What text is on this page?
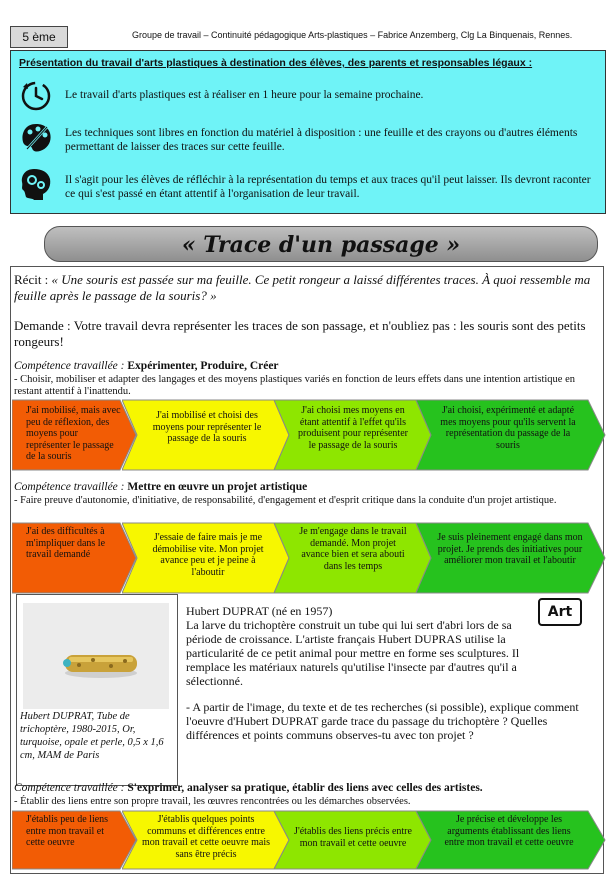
5 ème	Groupe de travail – Continuité pédagogique Arts-plastiques – Fabrice Anzemberg, Clg La Binquenais, Rennes.
Présentation du travail d'arts plastiques à destination des élèves, des parents et responsables légaux :
Le travail d'arts plastiques est à réaliser en 1 heure pour la semaine prochaine.
Les techniques sont libres en fonction du matériel à disposition : une feuille et des crayons ou d'autres éléments permettant de laisser des traces sur cette feuille.
Il s'agit pour les élèves de réfléchir à la représentation du temps et aux traces qu'il peut laisser. Ils devront raconter ce qui s'est passé en étant attentif à l'organisation de leur travail.
« Trace d'un passage »
Récit : « Une souris est passée sur ma feuille. Ce petit rongeur a laissé différentes traces. À quoi ressemble ma feuille après le passage de la souris? »
Demande : Votre travail devra représenter les traces de son passage, et n'oubliez pas : les souris sont des petits rongeurs!
Compétence travaillée : Expérimenter, Produire, Créer
- Choisir, mobiliser et adapter des langages et des moyens plastiques variés en fonction de leurs effets dans une intention artistique en restant attentif à l'inattendu.
J'ai mobilisé, mais avec peu de réflexion, des moyens pour représenter le passage de la souris
J'ai mobilisé et choisi des moyens pour représenter le passage de la souris
J'ai choisi mes moyens en étant attentif à l'effet qu'ils produisent pour représenter le passage de la souris
J'ai choisi, expérimenté et adapté mes moyens pour qu'ils servent la représentation du passage de la souris
Compétence travaillée : Mettre en œuvre un projet artistique
- Faire preuve d'autonomie, d'initiative, de responsabilité, d'engagement et d'esprit critique dans la conduite d'un projet artistique.
J'ai des difficultés à m'impliquer dans le travail demandé
J'essaie de faire mais je me démobilise vite. Mon projet avance peu et je peine à l'aboutir
Je m'engage dans le travail demandé. Mon projet avance bien et sera abouti dans les temps
Je suis pleinement engagé dans mon projet. Je prends des initiatives pour améliorer mon travail et l'aboutir
Hubert DUPRAT, Tube de trichoptère, 1980-2015, Or, turquoise, opale et perle, 0,5 x 1,6 cm, MAM de Paris
Art
Hubert DUPRAT (né en 1957)
La larve du trichoptère construit un tube qui lui sert d'abri lors de sa période de croissance. L'artiste français Hubert DUPRAS utilise la particularité de ce petit animal pour mettre en forme ses sculptures. Il remplace les matériaux naturels qu'utilise l'insecte par d'autres qu'il a sélectionné.
- A partir de l'image, du texte et de tes recherches (si possible), explique comment l'oeuvre d'Hubert DUPRAT garde trace du passage du trichoptère ? Quelles différences et points communs observes-tu avec ton projet ?
Compétence travaillée : S'exprimer, analyser sa pratique, établir des liens avec celles des artistes.
- Établir des liens entre son propre travail, les œuvres rencontrées ou les démarches observées.
J'établis peu de liens entre mon travail et cette oeuvre
J'établis quelques points communs et différences entre mon travail et cette oeuvre mais sans être précis
J'établis des liens précis entre mon travail et cette oeuvre
Je précise et développe les arguments établissant des liens entre mon travail et cette oeuvre
